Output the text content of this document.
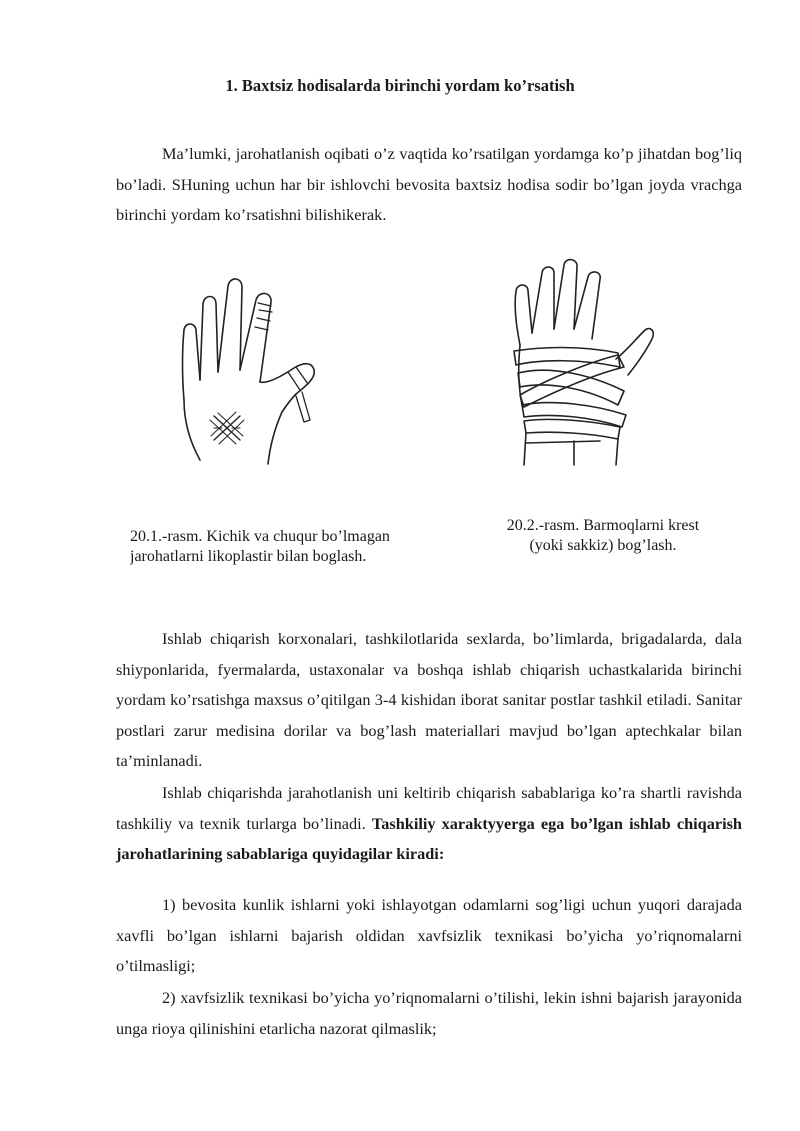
1. Baxtsiz hodisalarda birinchi yordam ko’rsatish

Ma’lumki, jarohatlanish oqibati o’z vaqtida ko’rsatilgan yordamga ko’p jihatdan bog’liq bo’ladi. SHuning uchun har bir ishlovchi bevosita baxtsiz hodisa sodir bo’lgan joyda vrachga birinchi yordam ko’rsatishni bilishikerak.

20.1.-rasm. Kichik va chuqur bo’lmagan jarohatlarni likoplastir bilan boglash.
20.2.-rasm. Barmoqlarni krest
(yoki sakkiz) bog’lash.

Ishlab chiqarish korxonalari, tashkilotlarida sexlarda, bo’limlarda, brigadalarda, dala shiyponlarida, fyermalarda, ustaxonalar va boshqa ishlab chiqarish uchastkalarida birinchi yordam ko’rsatishga maxsus o’qitilgan 3-4 kishidan iborat sanitar postlar tashkil etiladi. Sanitar postlari zarur medisina dorilar va bog’lash materiallari mavjud bo’lgan aptechkalar bilan ta’minlanadi.

Ishlab chiqarishda jarahotlanish uni keltirib chiqarish sabablariga ko’ra shartli ravishda tashkiliy va texnik turlarga bo’linadi. Tashkiliy xaraktyyerga ega bo’lgan ishlab chiqarish jarohatlarining sabablariga quyidagilar kiradi:

1) bevosita kunlik ishlarni yoki ishlayotgan odamlarni sog’ligi uchun yuqori darajada xavfli bo’lgan ishlarni bajarish oldidan xavfsizlik texnikasi bo’yicha yo’riqnomalarni o’tilmasligi;

2) xavfsizlik texnikasi bo’yicha yo’riqnomalarni o’tilishi, lekin ishni bajarish jarayonida unga rioya qilinishini etarlicha nazorat qilmaslik;
